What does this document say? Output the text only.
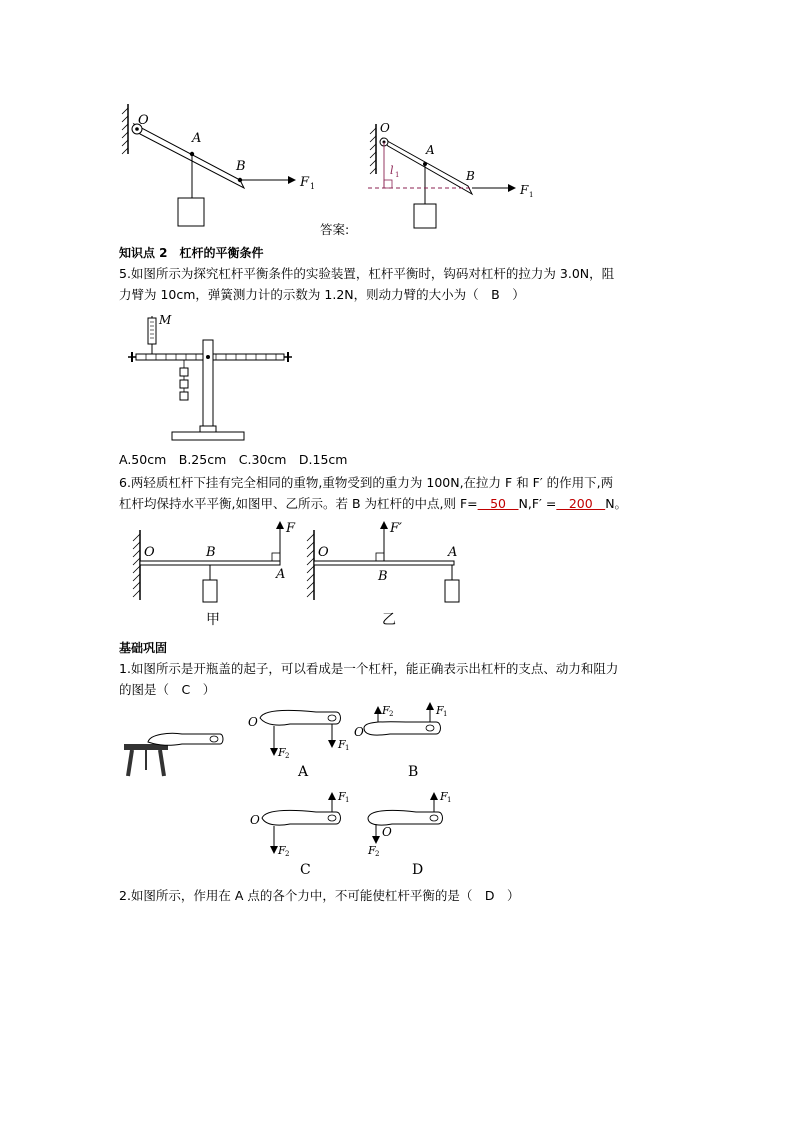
O
A
B
F 1
O
A
B
l 1
F 1
答案:
知识点 2　杠杆的平衡条件
5.如图所示为探究杠杆平衡条件的实验装置，杠杆平衡时，钩码对杠杆的拉力为 3.0N，阻
力臂为 10cm，弹簧测力计的示数为 1.2N，则动力臂的大小为（　B　）
M
A.50cm　B.25cm　C.30cm　D.15cm
6.两轻质杠杆下挂有完全相同的重物,重物受到的重力为 100N,在拉力 F 和 F′ 的作用下,两
杠杆均保持水平平衡,如图甲、乙所示。若 B 为杠杆的中点,则 F=　50　N,F′ =　200　N。
O	B
A
F
甲
O
B
A
F′
乙
基础巩固
1.如图所示是开瓶盖的起子，可以看成是一个杠杆，能正确表示出杠杆的支点、动力和阻力
的图是（　C　）
O
F 2
F 1
A
O
F 2	F 1
B
O
F 2
F 1
C
O
F 2
F 1
D
2.如图所示，作用在 A 点的各个力中，不可能使杠杆平衡的是（　D　）
